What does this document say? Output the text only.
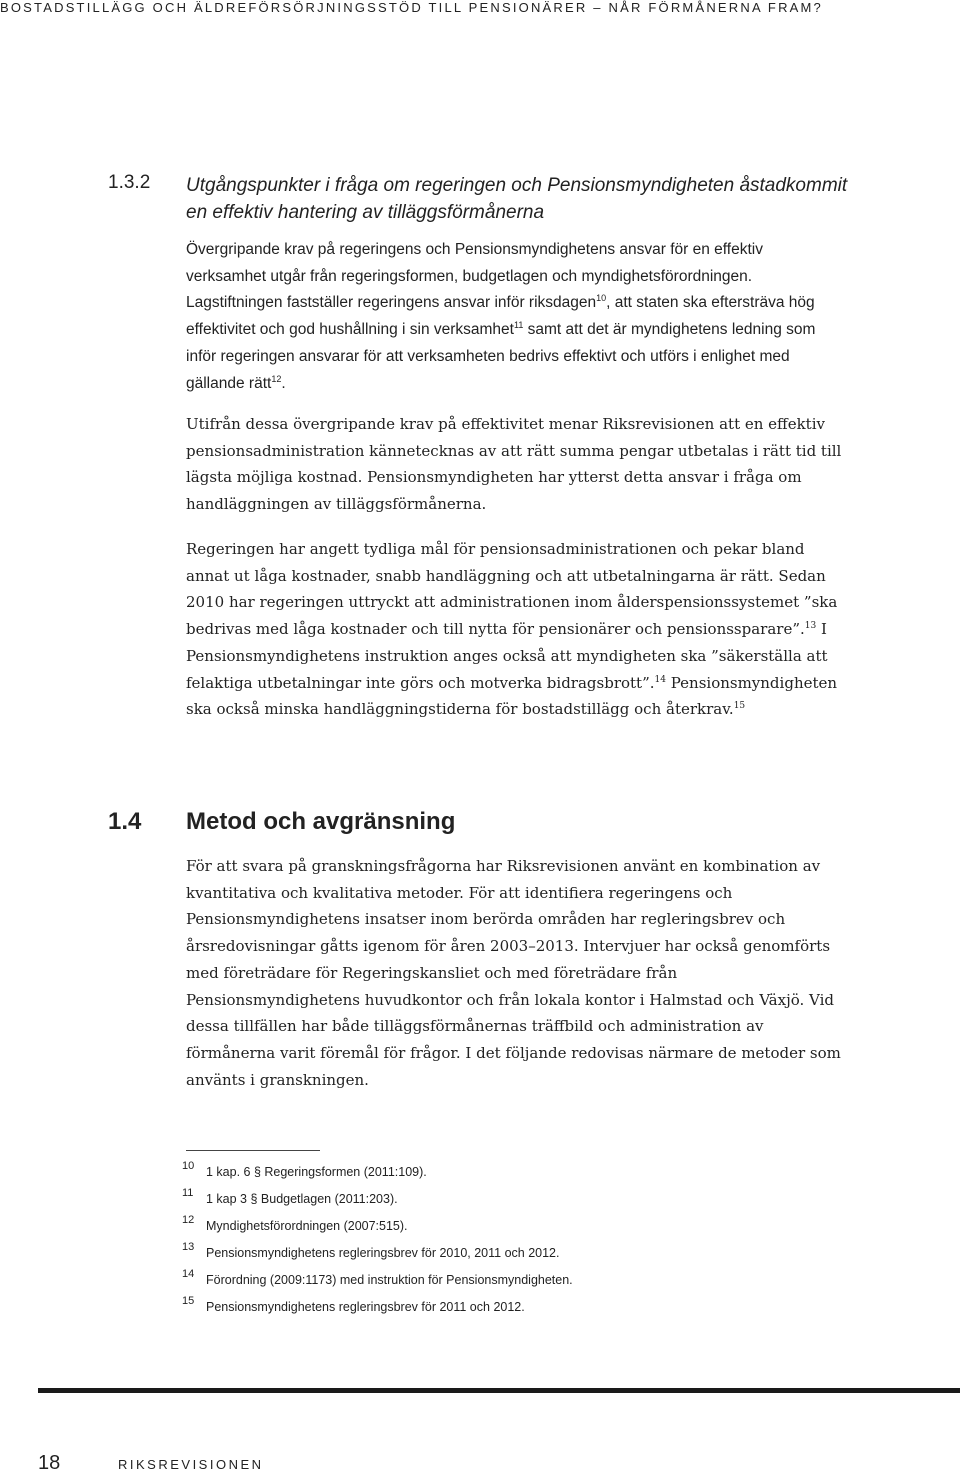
BOSTADSTILLÄGG OCH ÄLDREFÖRSÖRJNINGSSTÖD TILL PENSIONÄRER – NÅR FÖRMÅNERNA FRAM?
1.3.2 Utgångspunkter i fråga om regeringen och Pensionsmyndigheten åstadkommit en effektiv hantering av tilläggsförmånerna

Övergripande krav på regeringens och Pensionsmyndighetens ansvar för en effektiv verksamhet utgår från regeringsformen, budgetlagen och myndighetsförordningen. Lagstiftningen fastställer regeringens ansvar inför riksdagen$^{10}$, att staten ska eftersträva hög effektivitet och god hushållning i sin verksamhet$^{11}$ samt att det är myndighetens ledning som inför regeringen ansvarar för att verksamheten bedrivs effektivt och utförs i enlighet med gällande rätt$^{12}$.

Utifrån dessa övergripande krav på effektivitet menar Riksrevisionen att en effektiv pensionsadministration kännetecknas av att rätt summa pengar utbetalas i rätt tid till lägsta möjliga kostnad. Pensionsmyndigheten har ytterst detta ansvar i fråga om handläggningen av tilläggsförmånerna.

Regeringen har angett tydliga mål för pensionsadministrationen och pekar bland annat ut låga kostnader, snabb handläggning och att utbetalningarna är rätt. Sedan 2010 har regeringen uttryckt att administrationen inom ålderspensionssystemet ”ska bedrivas med låga kostnader och till nytta för pensionärer och pensionssparare”.$^{13}$ I Pensionsmyndighetens instruktion anges också att myndigheten ska ”säkerställa att felaktiga utbetalningar inte görs och motverka bidragsbrott”.$^{14}$ Pensionsmyndigheten ska också minska handläggningstiderna för bostadstillägg och återkrav.$^{15}$

1.4 Metod och avgränsning

För att svara på granskningsfrågorna har Riksrevisionen använt en kombination av kvantitativa och kvalitativa metoder. För att identifiera regeringens och Pensionsmyndighetens insatser inom berörda områden har regleringsbrev och årsredovisningar gåtts igenom för åren 2003–2013. Intervjuer har också genomförts med företrädare för Regeringskansliet och med företrädare från Pensionsmyndighetens huvudkontor och från lokala kontor i Halmstad och Växjö. Vid dessa tillfällen har både tilläggsförmånernas träffbild och administration av förmånerna varit föremål för frågor. I det följande redovisas närmare de metoder som använts i granskningen.

10 1 kap. 6 § Regeringsformen (2011:109).
11 1 kap 3 § Budgetlagen (2011:203).
12 Myndighetsförordningen (2007:515).
13 Pensionsmyndighetens regleringsbrev för 2010, 2011 och 2012.
14 Förordning (2009:1173) med instruktion för Pensionsmyndigheten.
15 Pensionsmyndighetens regleringsbrev för 2011 och 2012.
18	RIKSREVISIONEN
